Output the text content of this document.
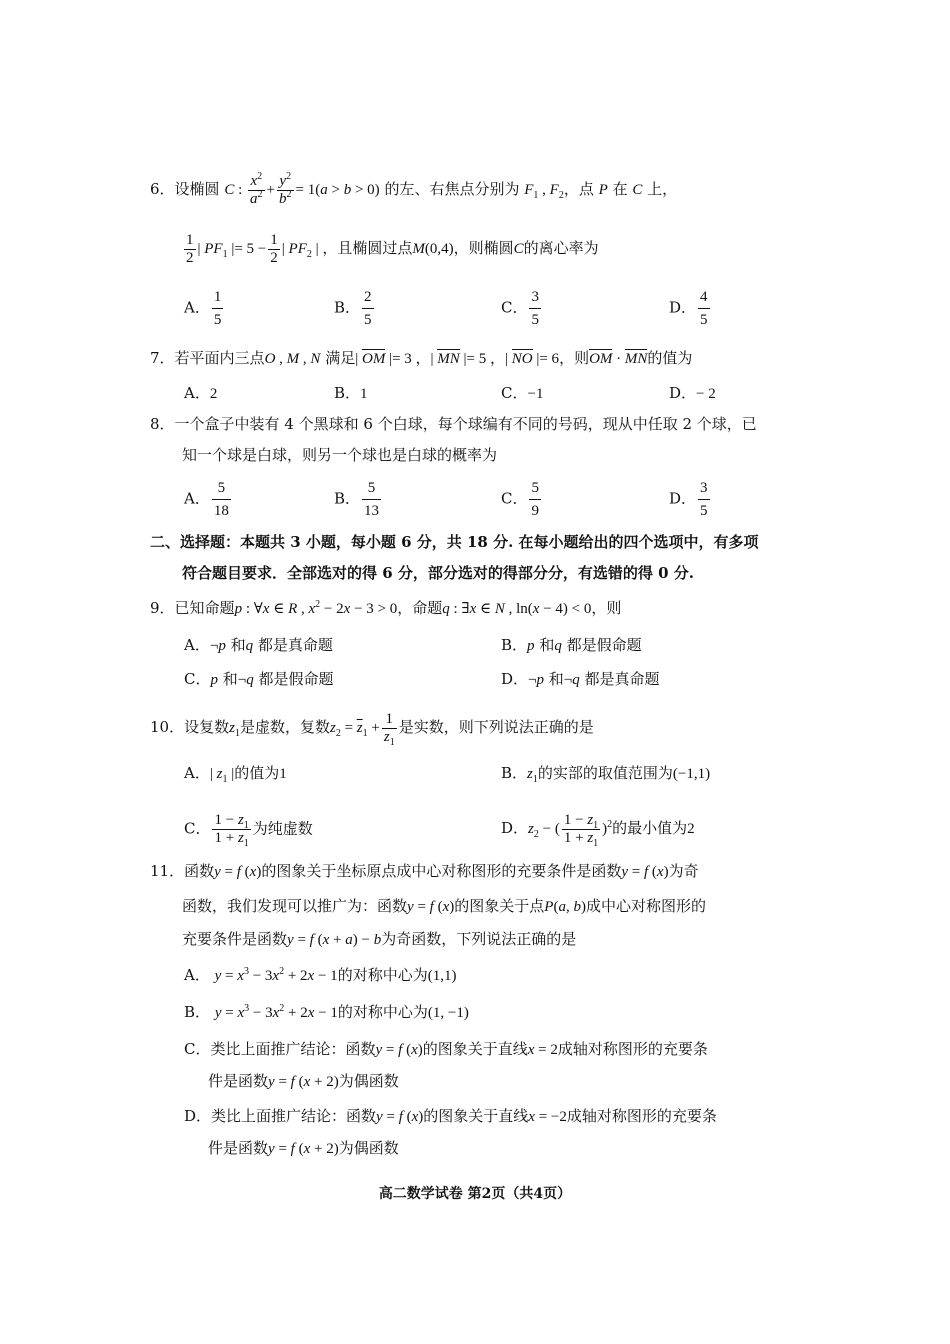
6．设椭圆 C : $\frac{x^2}{a^2} + \frac{y^2}{b^2} = 1(a > b > 0)$ 的左、右焦点分别为 $F_1$ , $F_2$，点 P 在 C 上，
$\frac{1}{2}$ | $PF_1$ |= $5 - \frac{1}{2}$ | $PF_2$ | ，且椭圆过点M(0,4)，则椭圆C的离心率为
A． $\frac{1}{5}$	B． $\frac{2}{5}$	C． $\frac{3}{5}$	D． $\frac{4}{5}$
7．若平面内三点O , M , N 满足| OM |= 3 ，| MN |= 5 ，| NO |= 6，则OM · MN的值为
A．2	B．1	C．−1	D．− 2
8．一个盒子中装有 4 个黑球和 6 个白球，每个球编有不同的号码，现从中任取 2 个球，已
知一个球是白球，则另一个球也是白球的概率为
A． $\frac{5}{18}$	B． $\frac{5}{13}$	C． $\frac{5}{9}$	D． $\frac{3}{5}$
二、选择题：本题共 3 小题，每小题 6 分，共 18 分. 在每小题给出的四个选项中，有多项
符合题目要求．全部选对的得 6 分，部分选对的得部分分，有选错的得 0 分.
9．已知命题p : ∀x ∈ R , $x^2 - 2x - 3 > 0$，命题q : ∃x ∈ N , ln(x − 4) < 0，则
A．¬p 和q 都是真命题	B．p 和q 都是假命题
C．p 和¬q 都是假命题	D．¬p 和¬q 都是真命题
10．设复数$z_1$是虚数，复数$z_2 = \overline{z}_1 + \frac{1}{\overline{z}_1}$ 是实数，则下列说法正确的是
A．| $z_1$ |的值为1	B．$z_1$的实部的取值范围为(−1,1)
C． $\frac{1 - z_1}{1 + z_1}$ 为纯虚数	D．$z_2$ − ( $\frac{1 - z_1}{1 + z_1} )^2$的最小值为2
11．函数y = f (x)的图象关于坐标原点成中心对称图形的充要条件是函数y = f (x)为奇
函数，我们发现可以推广为：函数y = f (x)的图象关于点P(a, b)成中心对称图形的
充要条件是函数y = f (x + a) − b为奇函数，下列说法正确的是
A． $y = x^3 - 3x^2 + 2x - 1$的对称中心为(1,1)
B． $y = x^3 - 3x^2 + 2x - 1$的对称中心为(1, −1)
C．类比上面推广结论：函数y = f (x)的图象关于直线x = 2成轴对称图形的充要条
件是函数y = f (x + 2)为偶函数
D．类比上面推广结论：函数y = f (x)的图象关于直线x = −2成轴对称图形的充要条
件是函数y = f (x + 2)为偶函数
高二数学试卷 第2页（共4页）
